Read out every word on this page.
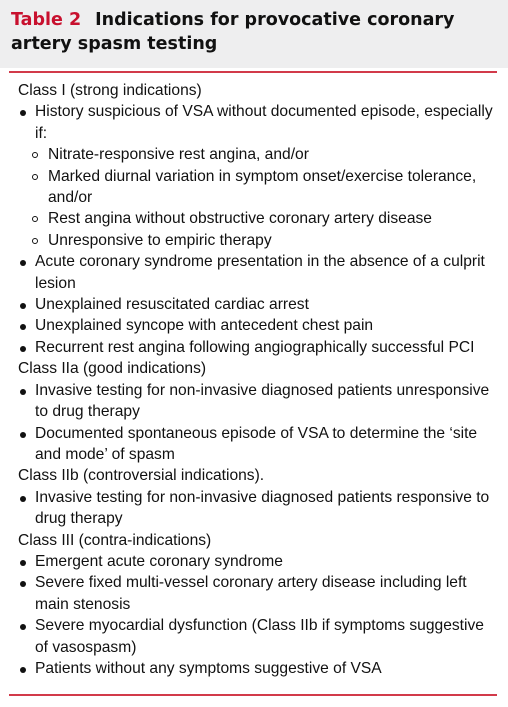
Table 2 Indications for provocative coronary artery spasm testing
Class I (strong indications)
History suspicious of VSA without documented episode, especially if:
Nitrate-responsive rest angina, and/or
Marked diurnal variation in symptom onset/exercise tolerance, and/or
Rest angina without obstructive coronary artery disease
Unresponsive to empiric therapy
Acute coronary syndrome presentation in the absence of a culprit lesion
Unexplained resuscitated cardiac arrest
Unexplained syncope with antecedent chest pain
Recurrent rest angina following angiographically successful PCI
Class IIa (good indications)
Invasive testing for non-invasive diagnosed patients unresponsive to drug therapy
Documented spontaneous episode of VSA to determine the ‘site and mode’ of spasm
Class IIb (controversial indications).
Invasive testing for non-invasive diagnosed patients responsive to drug therapy
Class III (contra-indications)
Emergent acute coronary syndrome
Severe fixed multi-vessel coronary artery disease including left main stenosis
Severe myocardial dysfunction (Class IIb if symptoms suggestive of vasospasm)
Patients without any symptoms suggestive of VSA
